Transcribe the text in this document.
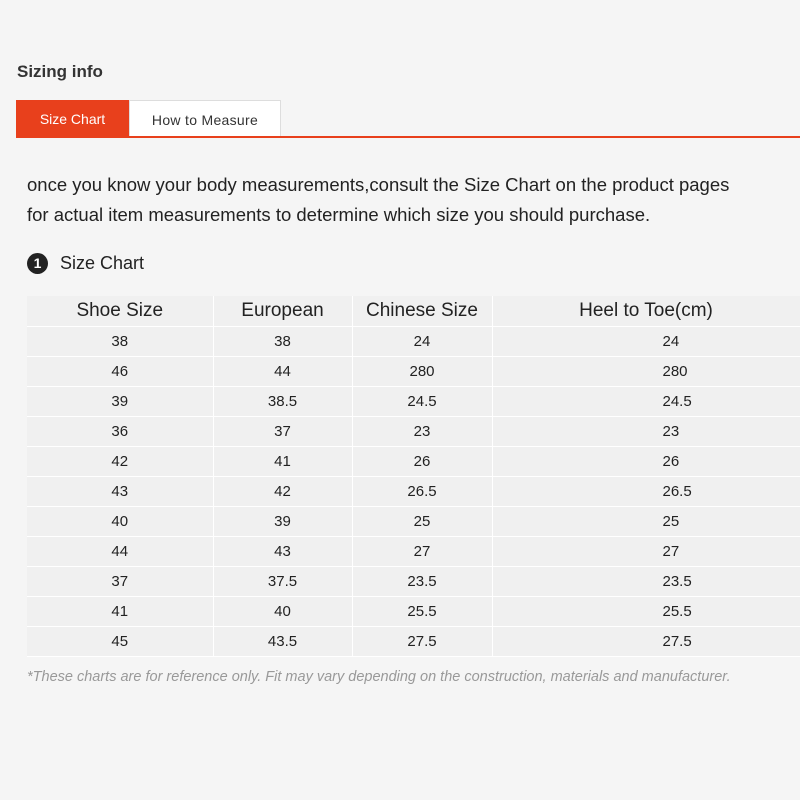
Sizing info
Size Chart	How to Measure

once you know your body measurements,consult the Size Chart on the product pages
for actual item measurements to determine which size you should purchase.

1	Size Chart
Shoe Size	European	Chinese Size	Heel to Toe(cm)
38	38	24	24
46	44	280	280
39	38.5	24.5	24.5
36	37	23	23
42	41	26	26
43	42	26.5	26.5
40	39	25	25
44	43	27	27
37	37.5	23.5	23.5
41	40	25.5	25.5
45	43.5	27.5	27.5

*These charts are for reference only. Fit may vary depending on the construction, materials and manufacturer.
